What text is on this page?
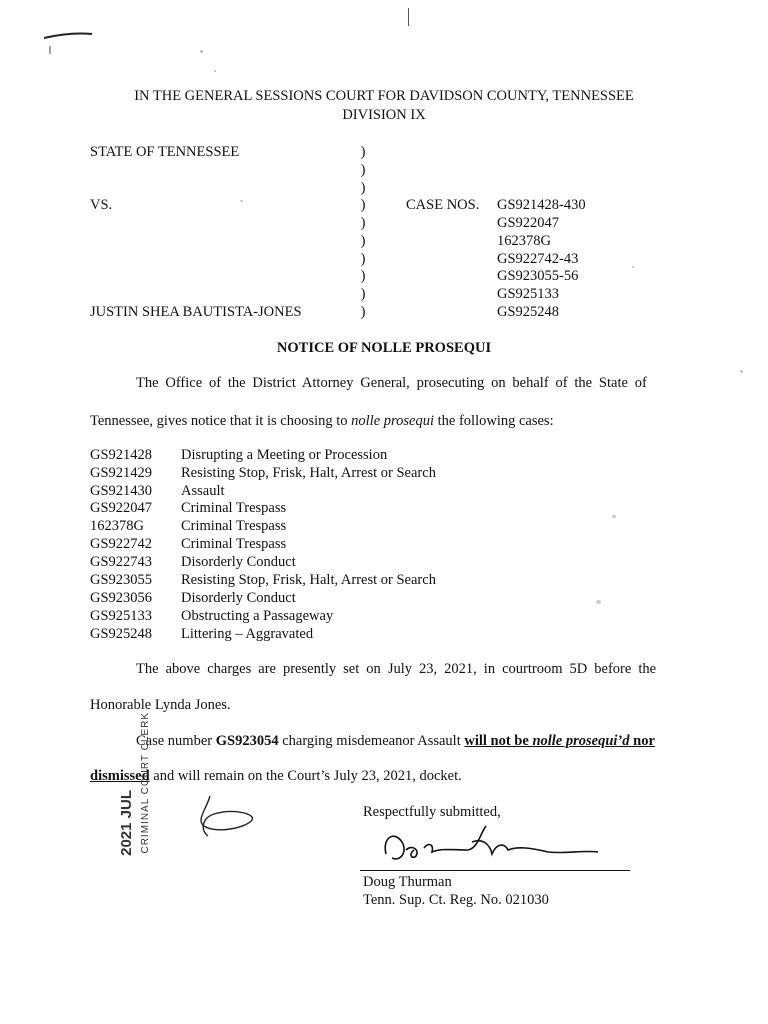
IN THE GENERAL SESSIONS COURT FOR DAVIDSON COUNTY, TENNESSEE
DIVISION IX
STATE OF TENNESSEE
VS.
JUSTIN SHEA BAUTISTA-JONES
)
)
)
)
)
)
)
)
)
)
CASE NOS. GS921428-430
GS922047
162378G
GS922742-43
GS923055-56
GS925133
GS925248
NOTICE OF NOLLE PROSEQUI
The Office of the District Attorney General, prosecuting on behalf of the State of
Tennessee, gives notice that it is choosing to nolle prosequi the following cases:
GS921428 Disrupting a Meeting or Procession
GS921429 Resisting Stop, Frisk, Halt, Arrest or Search
GS921430 Assault
GS922047 Criminal Trespass
162378G	Criminal Trespass
GS922742 Criminal Trespass
GS922743 Disorderly Conduct
GS923055 Resisting Stop, Frisk, Halt, Arrest or Search
GS923056 Disorderly Conduct
GS925133 Obstructing a Passageway
GS925248 Littering – Aggravated
The above charges are presently set on July 23, 2021, in courtroom 5D before the
Honorable Lynda Jones.
Case number GS923054 charging misdemeanor Assault will not be nolle prosequi’d nor
dismissed and will remain on the Court’s July 23, 2021, docket.
2021 JUL CRIMINAL COURT CLERK	Respectfully submitted,
Doug Thurman
Tenn. Sup. Ct. Reg. No. 021030
